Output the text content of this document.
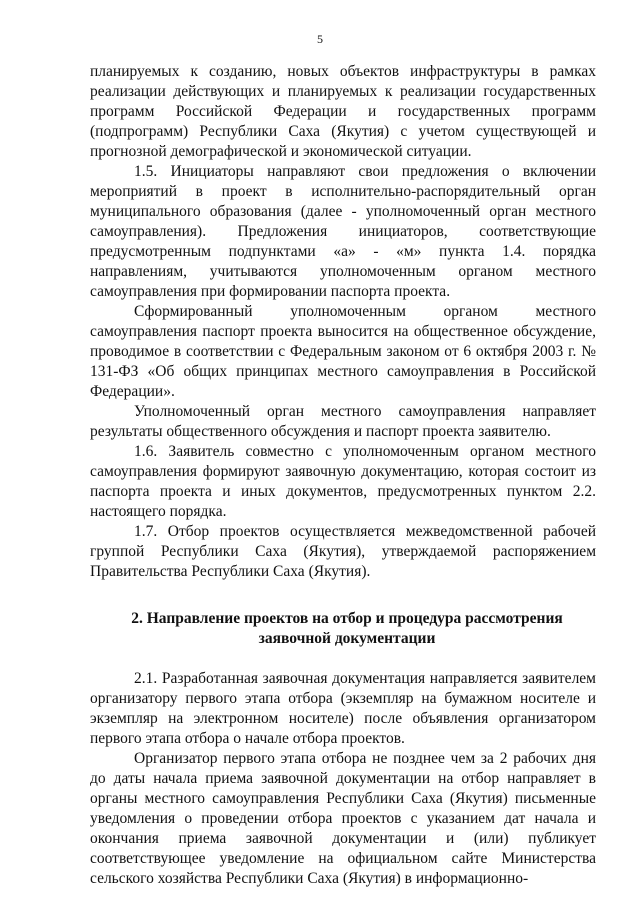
5

планируемых к созданию, новых объектов инфраструктуры в рамках реализации действующих и планируемых к реализации государственных программ Российской Федерации и государственных программ (подпрограмм) Республики Саха (Якутия) с учетом существующей и прогнозной демографической и экономической ситуации.

1.5. Инициаторы направляют свои предложения о включении мероприятий в проект в исполнительно-распорядительный орган муниципального образования (далее - уполномоченный орган местного самоуправления). Предложения инициаторов, соответствующие предусмотренным подпунктами «а» - «м» пункта 1.4. порядка направлениям, учитываются уполномоченным органом местного самоуправления при формировании паспорта проекта.

Сформированный уполномоченным органом местного самоуправления паспорт проекта выносится на общественное обсуждение, проводимое в соответствии с Федеральным законом от 6 октября 2003 г. № 131-ФЗ «Об общих принципах местного самоуправления в Российской Федерации».

Уполномоченный орган местного самоуправления направляет результаты общественного обсуждения и паспорт проекта заявителю.

1.6. Заявитель совместно с уполномоченным органом местного самоуправления формируют заявочную документацию, которая состоит из паспорта проекта и иных документов, предусмотренных пунктом 2.2. настоящего порядка.

1.7. Отбор проектов осуществляется межведомственной рабочей группой Республики Саха (Якутия), утверждаемой распоряжением Правительства Республики Саха (Якутия).

2. Направление проектов на отбор и процедура рассмотрения
заявочной документации

2.1. Разработанная заявочная документация направляется заявителем организатору первого этапа отбора (экземпляр на бумажном носителе и экземпляр на электронном носителе) после объявления организатором первого этапа отбора о начале отбора проектов.

Организатор первого этапа отбора не позднее чем за 2 рабочих дня до даты начала приема заявочной документации на отбор направляет в органы местного самоуправления Республики Саха (Якутия) письменные уведомления о проведении отбора проектов с указанием дат начала и окончания приема заявочной документации и (или) публикует соответствующее уведомление на официальном сайте Министерства сельского хозяйства Республики Саха (Якутия) в информационно-
